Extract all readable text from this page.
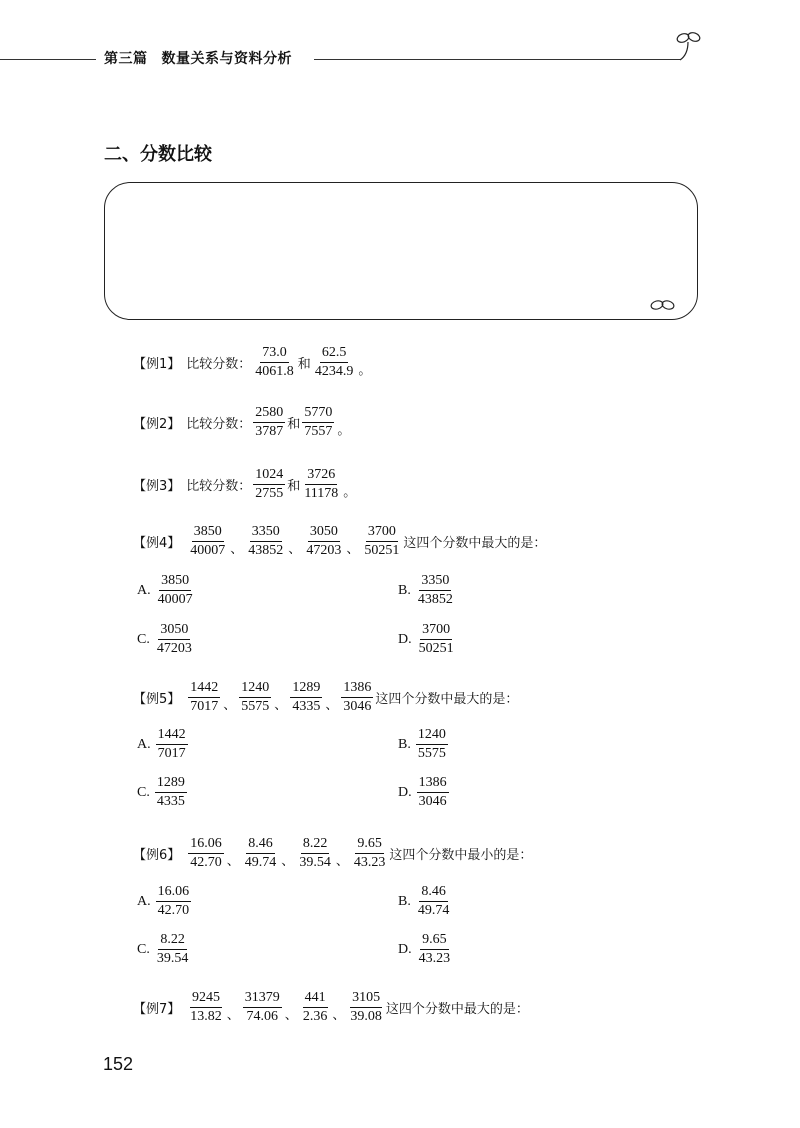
第三篇 数量关系与资料分析
二、分数比较
【例1】 比较分数： $\frac{73.0}{4061.8}$ 和 $\frac{62.5}{4234.9}$ 。
【例2】 比较分数： $\frac{2580}{3787}$ 和 $\frac{5770}{7557}$ 。
【例3】 比较分数： $\frac{1024}{2755}$ 和 $\frac{3726}{11178}$ 。
【例4】 $\frac{3850}{40007}$ 、 $\frac{3350}{43852}$ 、 $\frac{3050}{47203}$ 、 $\frac{3700}{50251}$ 这四个分数中最大的是：
A. $\frac{3850}{40007}$	B. $\frac{3350}{43852}$
C. $\frac{3050}{47203}$	D. $\frac{3700}{50251}$
【例5】 $\frac{1442}{7017}$ 、 $\frac{1240}{5575}$ 、 $\frac{1289}{4335}$ 、 $\frac{1386}{3046}$ 这四个分数中最大的是：
A. $\frac{1442}{7017}$	B. $\frac{1240}{5575}$
C. $\frac{1289}{4335}$	D. $\frac{1386}{3046}$
【例6】 $\frac{16.06}{42.70}$ 、 $\frac{8.46}{49.74}$ 、 $\frac{8.22}{39.54}$ 、 $\frac{9.65}{43.23}$ 这四个分数中最小的是：
A. $\frac{16.06}{42.70}$	B. $\frac{8.46}{49.74}$
C. $\frac{8.22}{39.54}$	D. $\frac{9.65}{43.23}$
【例7】 $\frac{9245}{13.82}$ 、 $\frac{31379}{74.06}$ 、 $\frac{441}{2.36}$ 、 $\frac{3105}{39.08}$ 这四个分数中最大的是：
152
